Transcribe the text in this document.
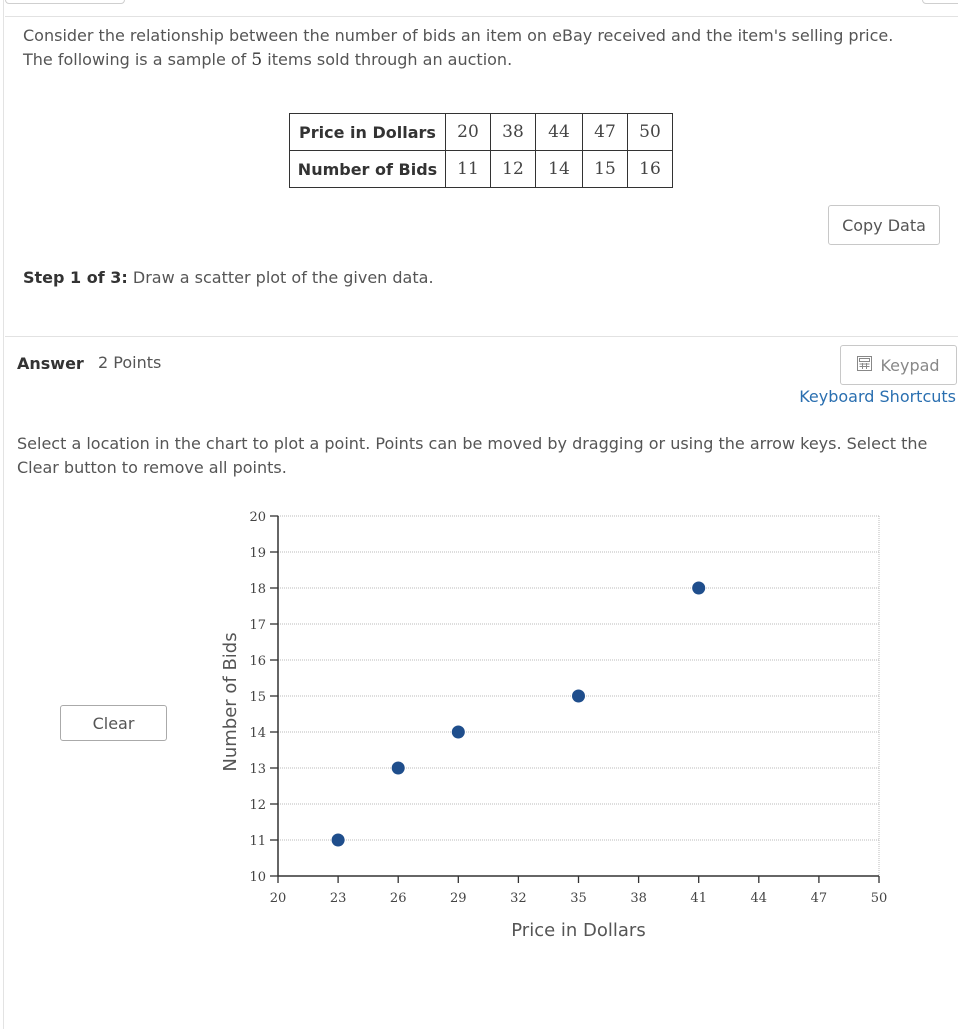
Consider the relationship between the number of bids an item on eBay received and the item's selling price. The following is a sample of 5 items sold through an auction.
Price in Dollars	20	38	44	47	50
Number of Bids	11	12	14	15	16
Copy Data
Step 1 of 3: Draw a scatter plot of the given data.
Answer 2 Points	Keypad
Keyboard Shortcuts
Select a location in the chart to plot a point. Points can be moved by dragging or using the arrow keys. Select the Clear button to remove all points.
Clear
10
11
12
13
14
15
16
17
18
19
20
20	23	26	29	32	35	38	41	44	47	50
Price in Dollars
Number of Bids
